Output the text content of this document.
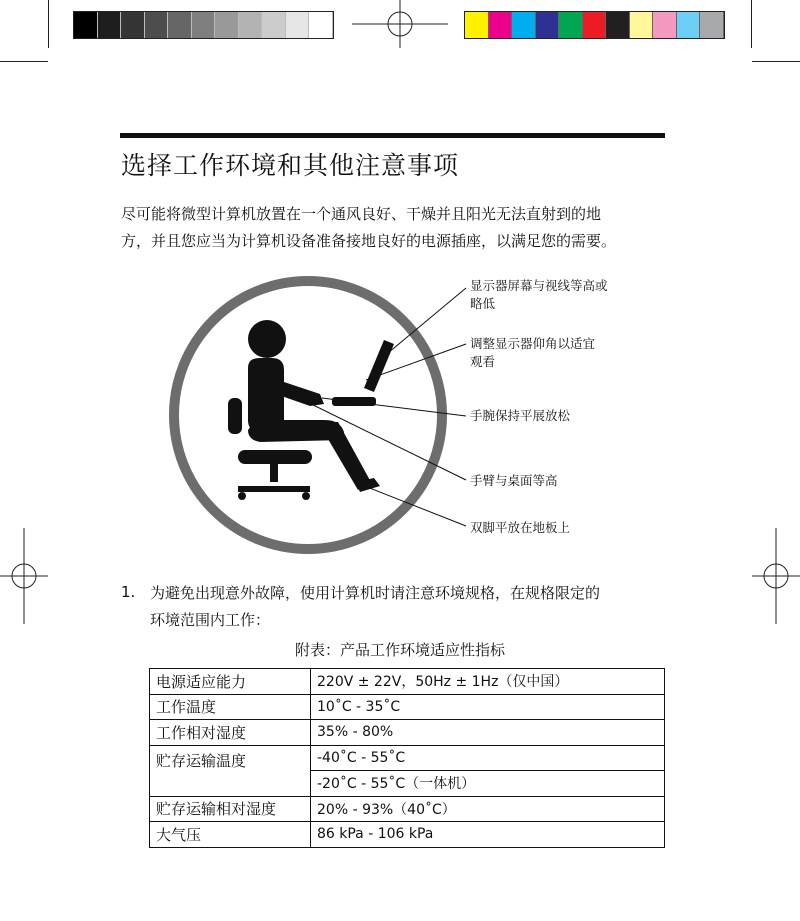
选择工作环境和其他注意事项
尽可能将微型计算机放置在一个通风良好、干燥并且阳光无法直射到的地
方，并且您应当为计算机设备准备接地良好的电源插座，以满足您的需要。
显示器屏幕与视线等高或
略低
调整显示器仰角以适宜
观看
手腕保持平展放松
手臂与桌面等高
双脚平放在地板上
1. 为避免出现意外故障，使用计算机时请注意环境规格，在规格限定的
环境范围内工作：
附表：产品工作环境适应性指标
电源适应能力	220V ± 22V，50Hz ± 1Hz（仅中国）
工作温度	10˚C - 35˚C
工作相对湿度	35% - 80%
贮存运输温度	-40˚C - 55˚C
	-20˚C - 55˚C（一体机）
贮存运输相对湿度	20% - 93%（40˚C）
大气压	86 kPa - 106 kPa
